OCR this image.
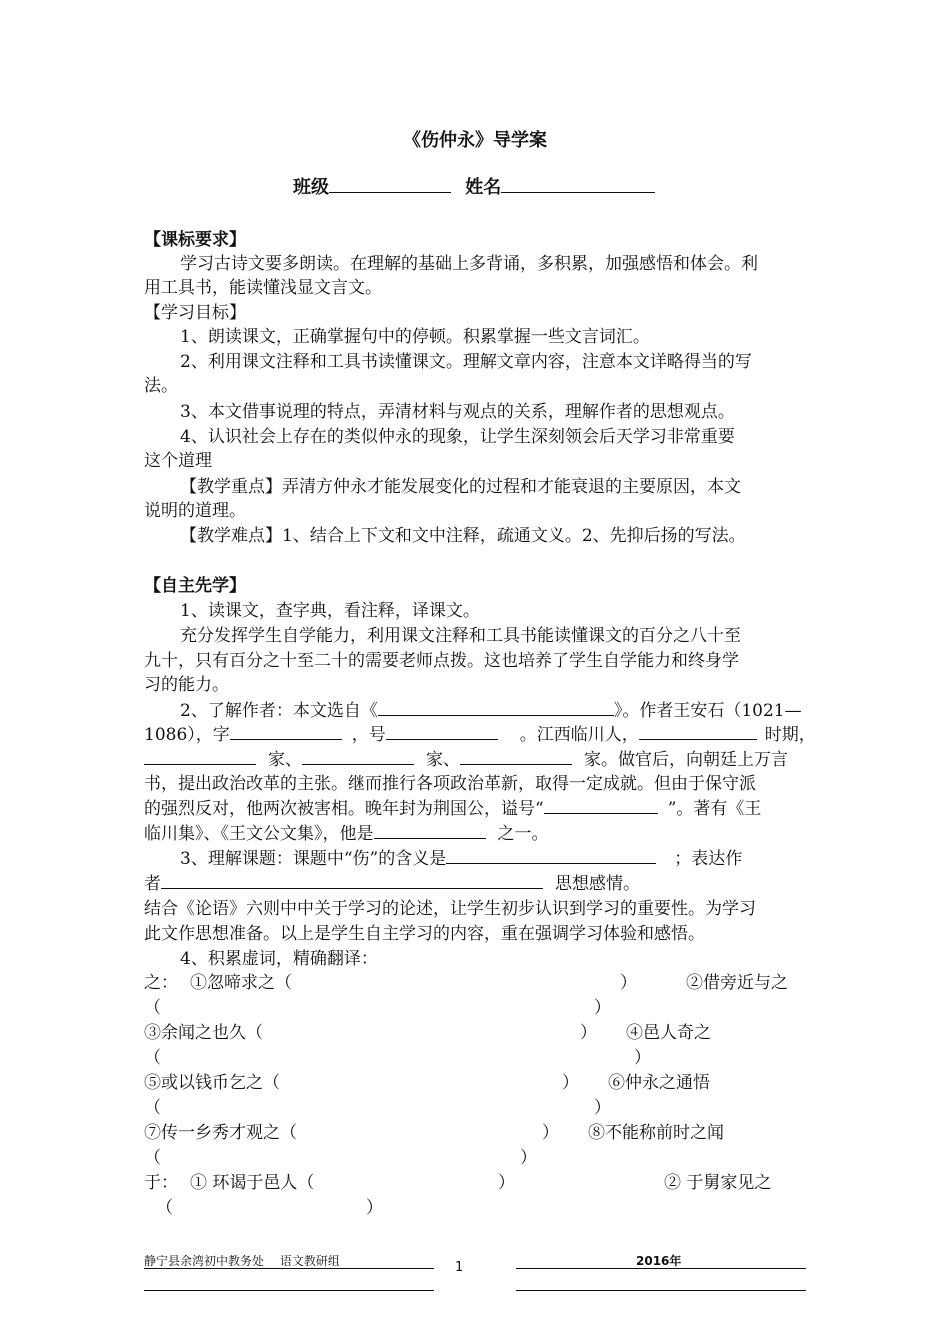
《伤仲永》导学案
班级	姓名
【课标要求】
学习古诗文要多朗读。在理解的基础上多背诵，多积累，加强感悟和体会。利
用工具书，能读懂浅显文言文。
【学习目标】
1、朗读课文，正确掌握句中的停顿。积累掌握一些文言词汇。
2、利用课文注释和工具书读懂课文。理解文章内容，注意本文详略得当的写
法。
3、本文借事说理的特点，弄清材料与观点的关系，理解作者的思想观点。
4、认识社会上存在的类似仲永的现象，让学生深刻领会后天学习非常重要
这个道理
【教学重点】弄清方仲永才能发展变化的过程和才能衰退的主要原因，本文
说明的道理。
【教学难点】1、结合上下文和文中注释，疏通文义。2、先抑后扬的写法。
【自主先学】
1、读课文，查字典，看注释，译课文。
充分发挥学生自学能力，利用课文注释和工具书能读懂课文的百分之八十至
九十，只有百分之十至二十的需要老师点拨。这也培养了学生自学能力和终身学
习的能力。
2、了解作者：本文选自《	》。作者王安石（1021—
1086），字	，号	。江西临川人，	时期，
家、	家、	家。做官后，向朝廷上万言
书，提出政治改革的主张。继而推行各项政治革新，取得一定成就。但由于保守派
的强烈反对，他两次被害相。晚年封为荆国公，谥号“	”。著有《王
临川集》、《王文公文集》，他是	之一。
3、理解课题：课题中“伤”的含义是	；表达作
者	思想感情。
结合《论语》六则中中关于学习的论述，让学生初步认识到学习的重要性。为学习
此文作思想准备。以上是学生自主学习的内容，重在强调学习体验和感悟。
4、积累虚词，精确翻译：
之： ①忽啼求之（	）	②借旁近与之
（	）
③余闻之也久（	） ④邑人奇之
（	）
⑤或以钱币乞之（	） ⑥仲永之通悟
（	）
⑦传一乡秀才观之（	） ⑧不能称前时之闻
（	）
于： ① 环谒于邑人（	）	② 于舅家见之
（	）
静宁县余湾初中教务处　 语文教研组	1	2016年
